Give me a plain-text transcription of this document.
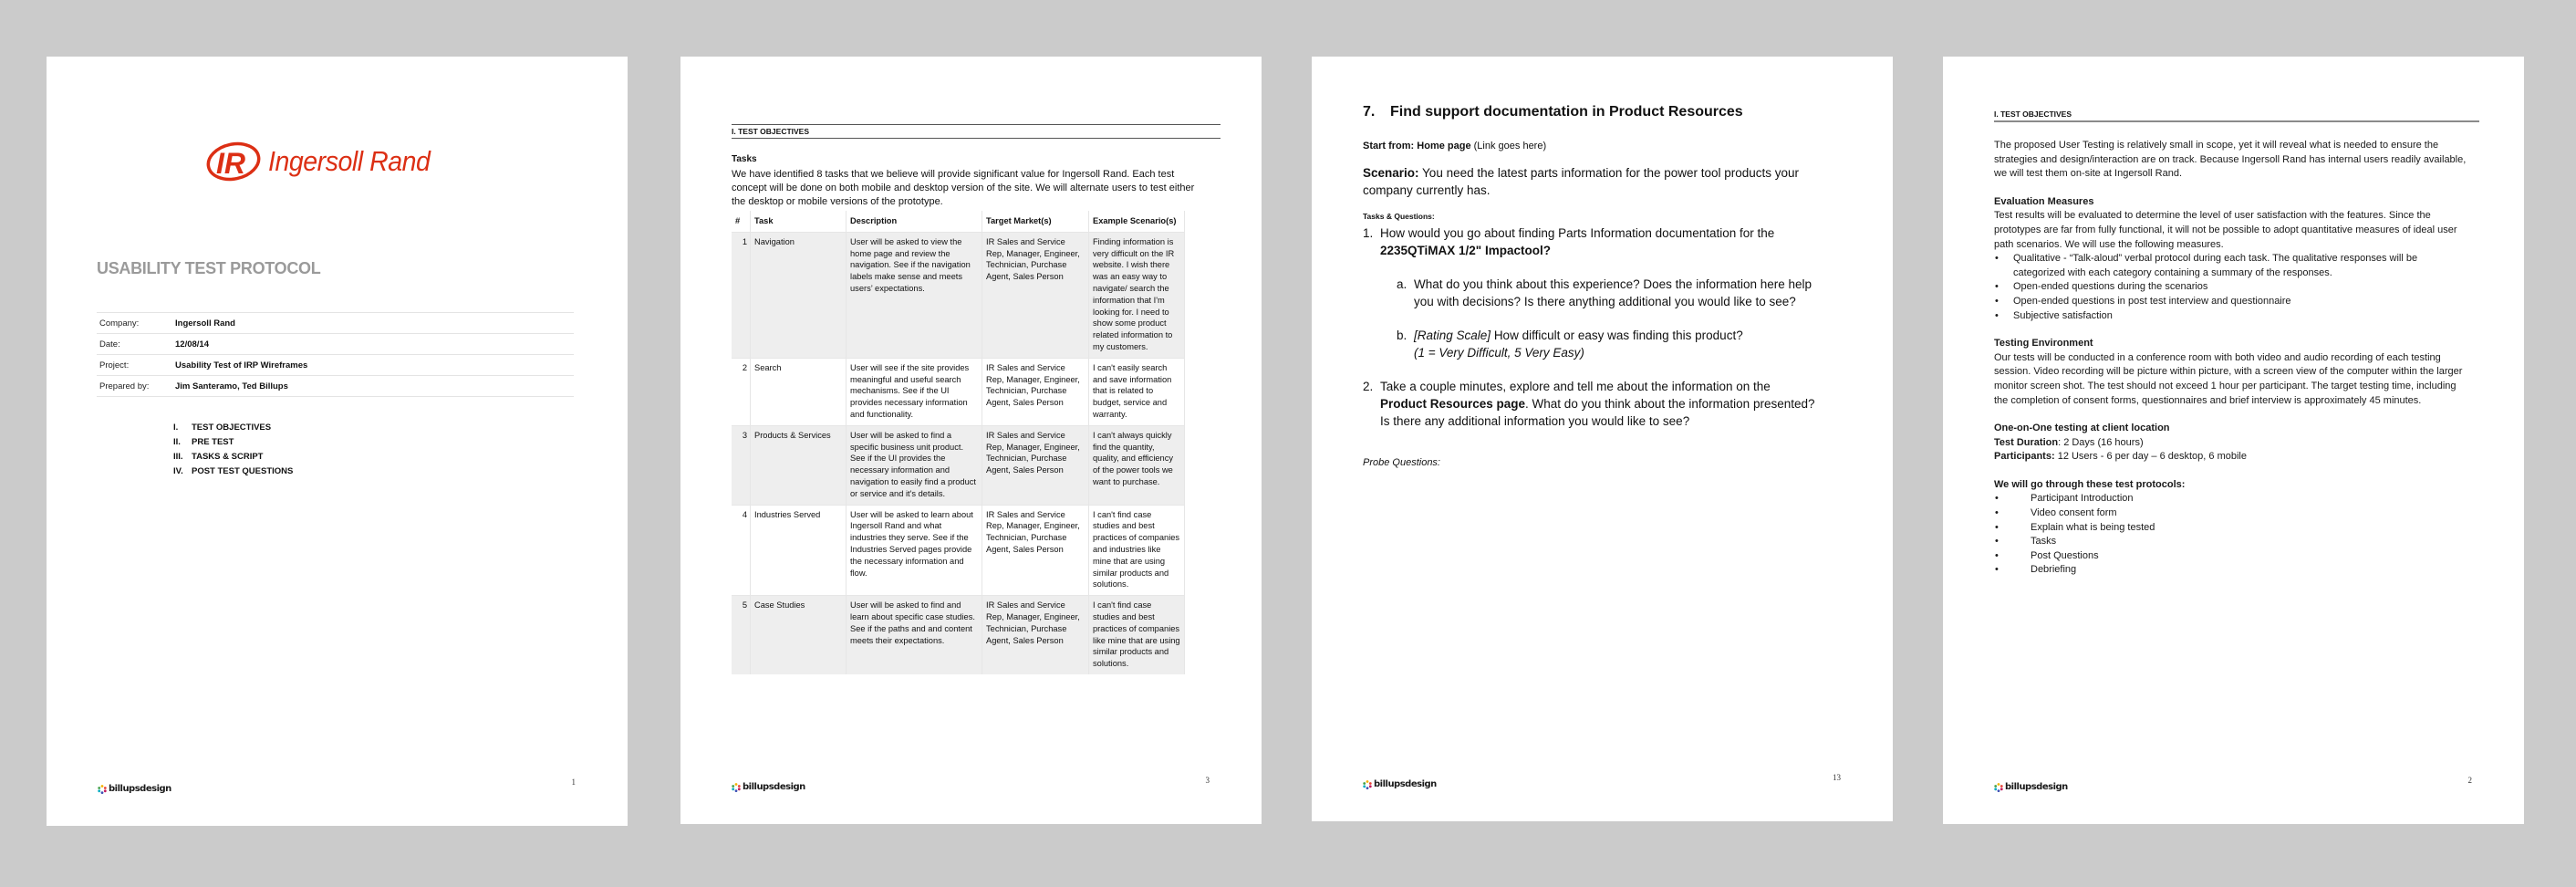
IR Ingersoll Rand
USABILITY TEST PROTOCOL
Company:	Ingersoll Rand
Date:	12/08/14
Project:	Usability Test of IRP Wireframes
Prepared by:	Jim Santeramo, Ted Billups
I.	TEST OBJECTIVES
II.	PRE TEST
III. TASKS & SCRIPT
IV. POST TEST QUESTIONS
billupsdesign
1
I. TEST OBJECTIVES
Tasks
We have identified 8 tasks that we believe will provide significant value for Ingersoll Rand. Each test concept will be done on both mobile and desktop version of the site. We will alternate users to test either the desktop or mobile versions of the prototype.
#	Task	Description	Target Market(s)	Example Scenario(s)
1	Navigation	User will be asked to view the home page and review the navigation. See if the navigation labels make sense and meets users’ expectations.	IR Sales and Service Rep, Manager, Engineer, Technician, Purchase Agent, Sales Person	Finding information is very difficult on the IR website. I wish there was an easy way to navigate/ search the information that I'm looking for. I need to show some product related information to my customers.
2	Search	User will see if the site provides meaningful and useful search mechanisms. See if the UI provides necessary information and functionality.	IR Sales and Service Rep, Manager, Engineer, Technician, Purchase Agent, Sales Person	I can't easily search and save information that is related to budget, service and warranty.
3	Products & Services	User will be asked to find a specific business unit product. See if the UI provides the necessary information and navigation to easily find a product or service and it's details.	IR Sales and Service Rep, Manager, Engineer, Technician, Purchase Agent, Sales Person	I can't always quickly find the quantity, quality, and efficiency of the power tools we want to purchase.
4	Industries Served	User will be asked to learn about Ingersoll Rand and what industries they serve. See if the Industries Served pages provide the necessary information and flow.	IR Sales and Service Rep, Manager, Engineer, Technician, Purchase Agent, Sales Person	I can't find case studies and best practices of companies and industries like mine that are using similar products and solutions.
5	Case Studies	User will be asked to find and learn about specific case studies. See if the paths and and content meets their expectations.	IR Sales and Service Rep, Manager, Engineer, Technician, Purchase Agent, Sales Person	I can't find case studies and best practices of companies like mine that are using similar products and solutions.
billupsdesign
3
7.	Find support documentation in Product Resources
Start from: Home page (Link goes here)
Scenario: You need the latest parts information for the power tool products your company currently has.
Tasks & Questions:
1. How would you go about finding Parts Information documentation for the
2235QTiMAX 1/2" Impactool?
a. What do you think about this experience? Does the information here help you with decisions? Is there anything additional you would like to see?
b. [Rating Scale] How difficult or easy was finding this product?
(1 = Very Difficult, 5 Very Easy)
2. Take a couple minutes, explore and tell me about the information on the Product Resources page. What do you think about the information presented? Is there any additional information you would like to see?
Probe Questions:
billupsdesign
13
I. TEST OBJECTIVES

The proposed User Testing is relatively small in scope, yet it will reveal what is needed to ensure the strategies and design/interaction are on track. Because Ingersoll Rand has internal users readily available, we will test them on-site at Ingersoll Rand.

Evaluation Measures

Test results will be evaluated to determine the level of user satisfaction with the features. Since the prototypes are far from fully functional, it will not be possible to adopt quantitative measures of ideal user path scenarios. We will use the following measures.

•	Qualitative - “Talk-aloud” verbal protocol during each task. The qualitative responses will be categorized with each category containing a summary of the responses.
•	Open-ended questions during the scenarios
•	Open-ended questions in post test interview and questionnaire
•	Subjective satisfaction

Testing Environment

Our tests will be conducted in a conference room with both video and audio recording of each testing session. Video recording will be picture within picture, with a screen view of the computer within the larger monitor screen shot. The test should not exceed 1 hour per participant. The target testing time, including the completion of consent forms, questionnaires and brief interview is approximately 45 minutes.

One-on-One testing at client location

Test Duration: 2 Days (16 hours)

Participants: 12 Users - 6 per day – 6 desktop, 6 mobile

We will go through these test protocols:

•	Participant Introduction
•	Video consent form
•	Explain what is being tested
•	Tasks
•	Post Questions
•	Debriefing
billupsdesign
2
